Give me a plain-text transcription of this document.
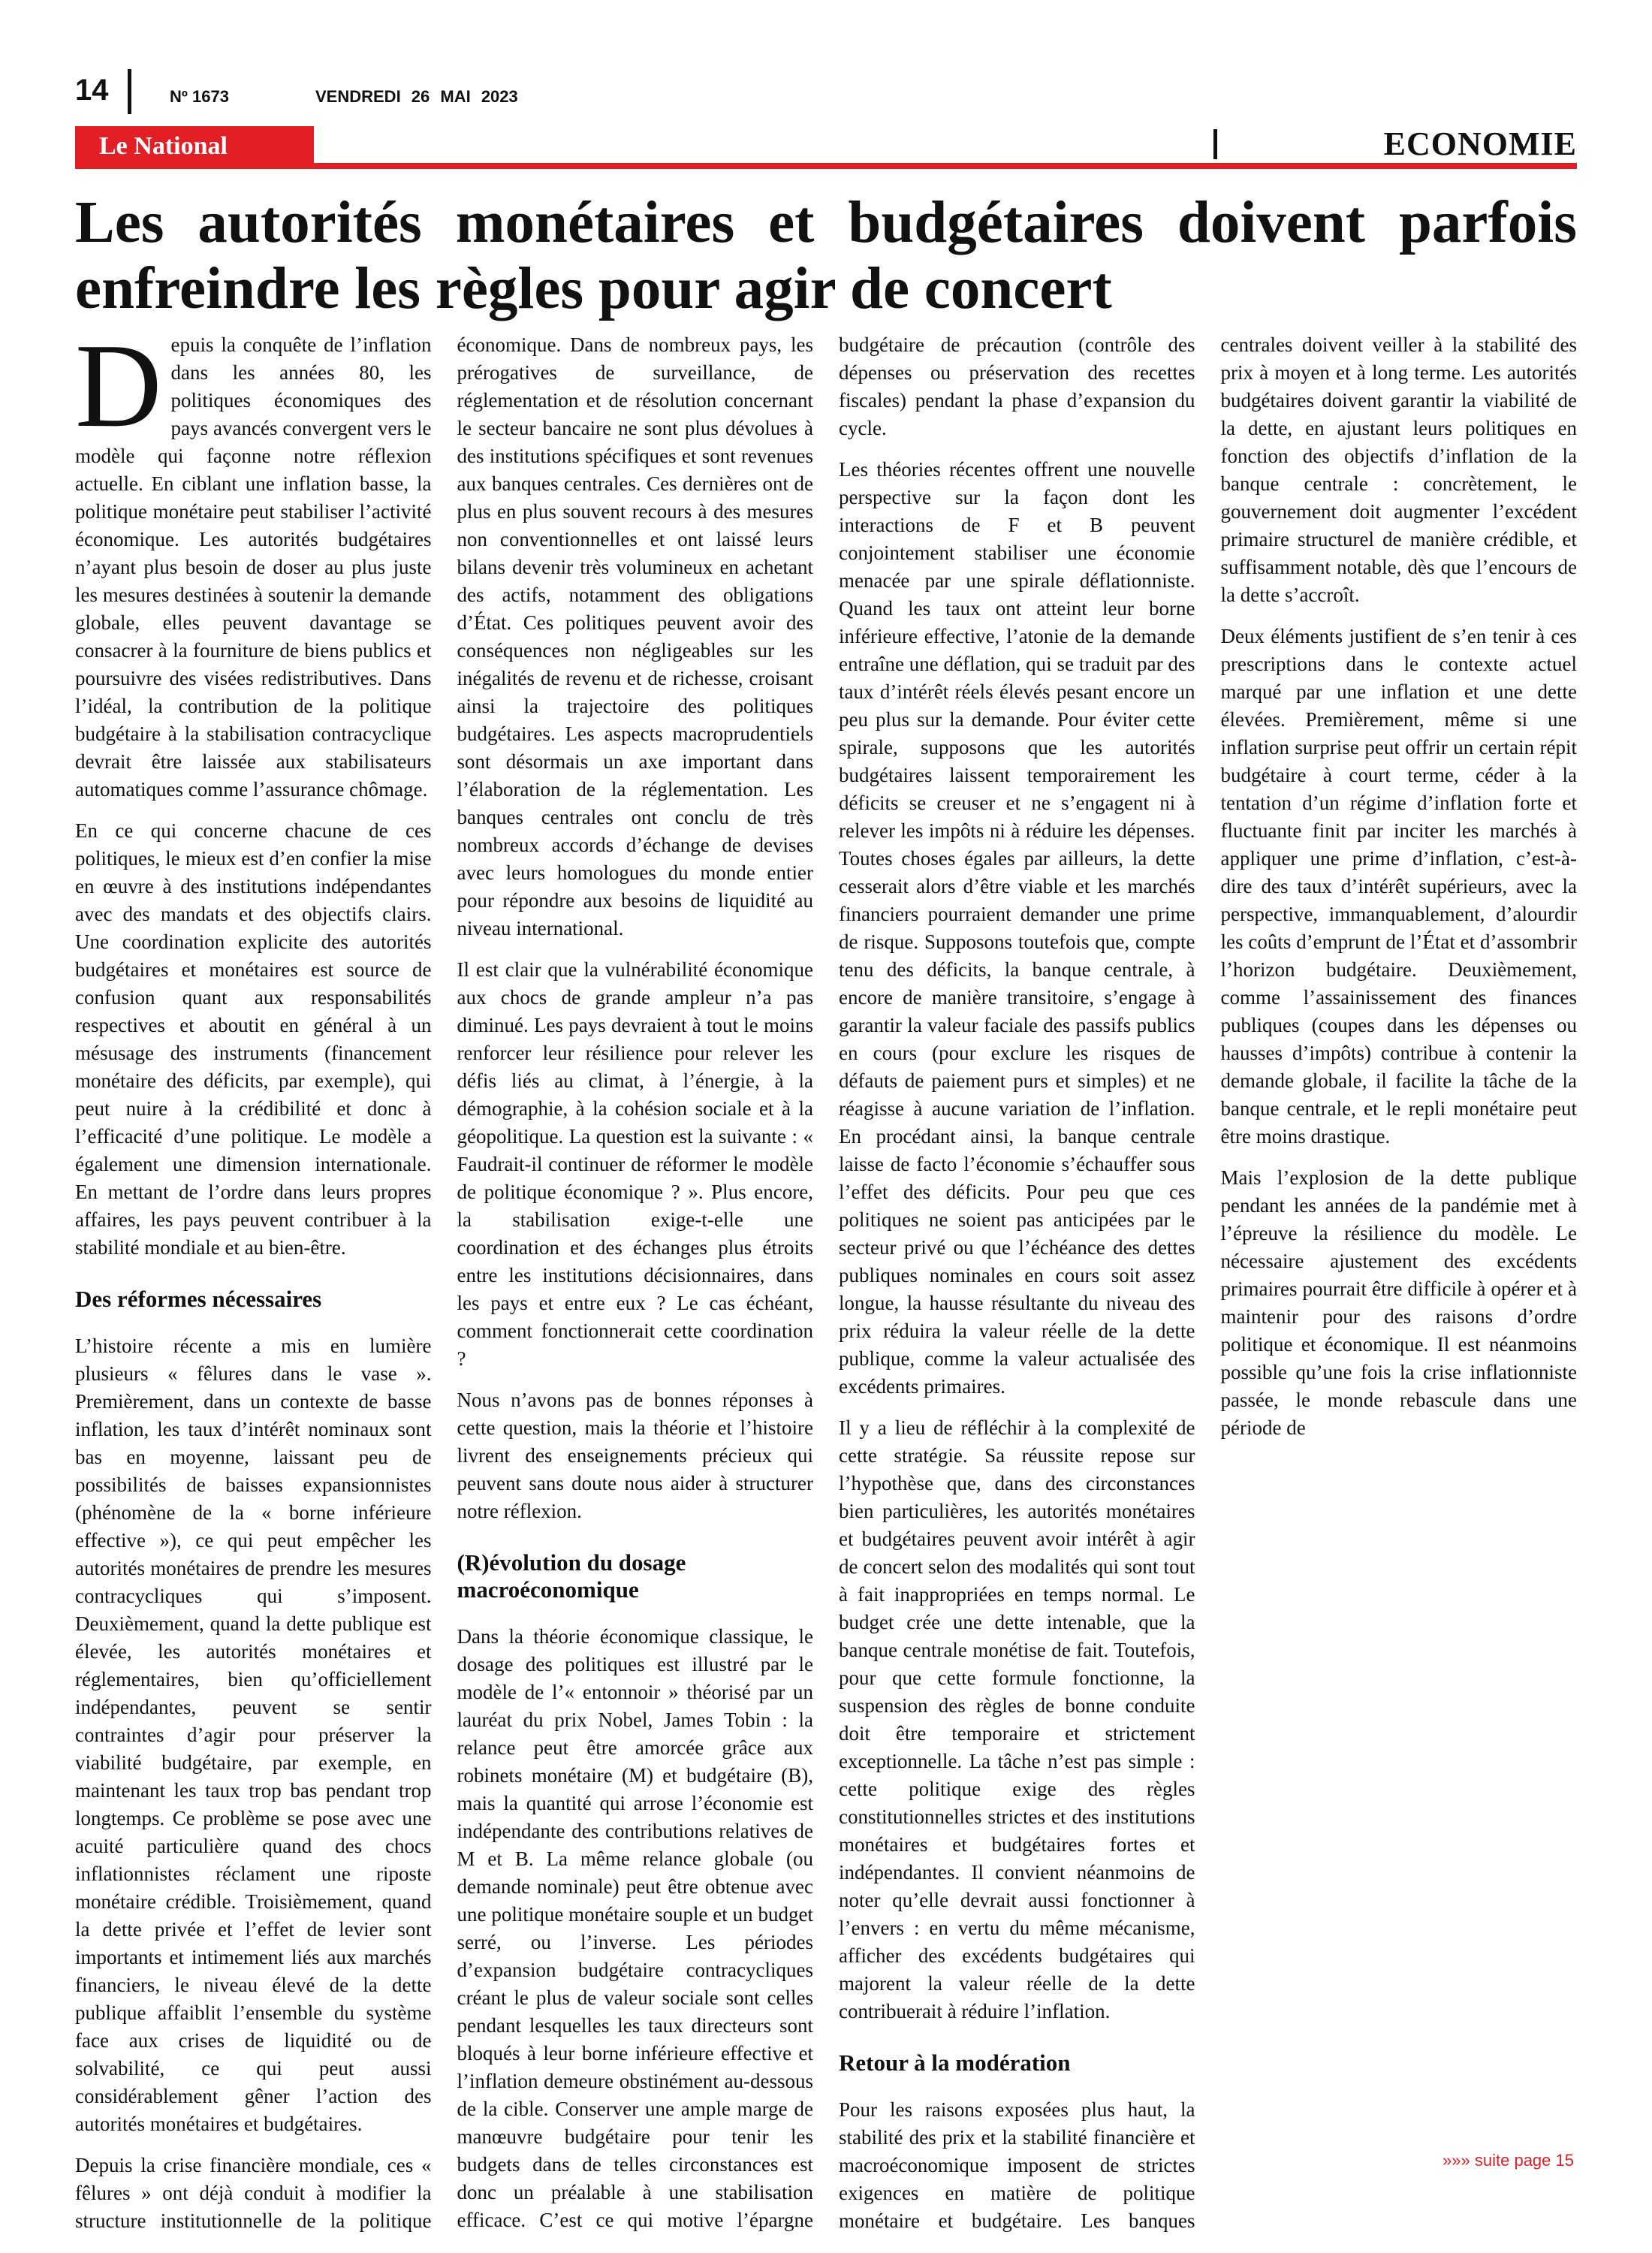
14	Nº 1673	VENDREDI 26 MAI 2023
Le National	ECONOMIE
Les autorités monétaires et budgétaires doivent parfois enfreindre les règles pour agir de concert

Depuis la conquête de l’inflation dans les années 80, les politiques économiques des pays avancés convergent vers le modèle qui façonne notre réflexion actuelle. En ciblant une inflation basse, la politique monétaire peut stabiliser l’activité économique. Les autorités budgétaires n’ayant plus besoin de doser au plus juste les mesures destinées à soutenir la demande globale, elles peuvent davantage se consacrer à la fourniture de biens publics et poursuivre des visées redistributives. Dans l’idéal, la contribution de la politique budgétaire à la stabilisation contracyclique devrait être laissée aux stabilisateurs automatiques comme l’assurance chômage.

En ce qui concerne chacune de ces politiques, le mieux est d’en confier la mise en œuvre à des institutions indépendantes avec des mandats et des objectifs clairs. Une coordination explicite des autorités budgétaires et monétaires est source de confusion quant aux responsabilités respectives et aboutit en général à un mésusage des instruments (financement monétaire des déficits, par exemple), qui peut nuire à la crédibilité et donc à l’efficacité d’une politique. Le modèle a également une dimension internationale. En mettant de l’ordre dans leurs propres affaires, les pays peuvent contribuer à la stabilité mondiale et au bien-être.

Des réformes nécessaires

L’histoire récente a mis en lumière plusieurs « fêlures dans le vase ». Premièrement, dans un contexte de basse inflation, les taux d’intérêt nominaux sont bas en moyenne, laissant peu de possibilités de baisses expansionnistes (phénomène de la « borne inférieure effective »), ce qui peut empêcher les autorités monétaires de prendre les mesures contracycliques qui s’imposent. Deuxièmement, quand la dette publique est élevée, les autorités monétaires et réglementaires, bien qu’officiellement indépendantes, peuvent se sentir contraintes d’agir pour préserver la viabilité budgétaire, par exemple, en maintenant les taux trop bas pendant trop longtemps. Ce problème se pose avec une acuité particulière quand des chocs inflationnistes réclament une riposte monétaire crédible. Troisièmement, quand la dette privée et l’effet de levier sont importants et intimement liés aux marchés financiers, le niveau élevé de la dette publique affaiblit l’ensemble du système face aux crises de liquidité ou de solvabilité, ce qui peut aussi considérablement gêner l’action des autorités monétaires et budgétaires.

Depuis la crise financière mondiale, ces « fêlures » ont déjà conduit à modifier la structure institutionnelle de la politique économique. Dans de nombreux pays, les prérogatives de surveillance, de réglementation et de résolution concernant le secteur bancaire ne sont plus dévolues à des institutions spécifiques et sont revenues aux banques centrales. Ces dernières ont de plus en plus souvent recours à des mesures non conventionnelles et ont laissé leurs bilans devenir très volumineux en achetant des actifs, notamment des obligations d’État. Ces politiques peuvent avoir des conséquences non négligeables sur les inégalités de revenu et de richesse, croisant ainsi la trajectoire des politiques budgétaires. Les aspects macroprudentiels sont désormais un axe important dans l’élaboration de la réglementation. Les banques centrales ont conclu de très nombreux accords d’échange de devises avec leurs homologues du monde entier pour répondre aux besoins de liquidité au niveau international.

Il est clair que la vulnérabilité économique aux chocs de grande ampleur n’a pas diminué. Les pays devraient à tout le moins renforcer leur résilience pour relever les défis liés au climat, à l’énergie, à la démographie, à la cohésion sociale et à la géopolitique. La question est la suivante : « Faudrait-il continuer de réformer le modèle de politique économique ? ». Plus encore, la stabilisation exige-t-elle une coordination et des échanges plus étroits entre les institutions décisionnaires, dans les pays et entre eux ? Le cas échéant, comment fonctionnerait cette coordination ?

Nous n’avons pas de bonnes réponses à cette question, mais la théorie et l’histoire livrent des enseignements précieux qui peuvent sans doute nous aider à structurer notre réflexion.

(R)évolution du dosage macroéconomique

Dans la théorie économique classique, le dosage des politiques est illustré par le modèle de l’« entonnoir » théorisé par un lauréat du prix Nobel, James Tobin : la relance peut être amorcée grâce aux robinets monétaire (M) et budgétaire (B), mais la quantité qui arrose l’économie est indépendante des contributions relatives de M et B. La même relance globale (ou demande nominale) peut être obtenue avec une politique monétaire souple et un budget serré, ou l’inverse. Les périodes d’expansion budgétaire contracycliques créant le plus de valeur sociale sont celles pendant lesquelles les taux directeurs sont bloqués à leur borne inférieure effective et l’inflation demeure obstinément au-dessous de la cible. Conserver une ample marge de manœuvre budgétaire pour tenir les budgets dans de telles circonstances est donc un préalable à une stabilisation efficace. C’est ce qui motive l’épargne budgétaire de précaution (contrôle des dépenses ou préservation des recettes fiscales) pendant la phase d’expansion du cycle.

Les théories récentes offrent une nouvelle perspective sur la façon dont les interactions de F et B peuvent conjointement stabiliser une économie menacée par une spirale déflationniste. Quand les taux ont atteint leur borne inférieure effective, l’atonie de la demande entraîne une déflation, qui se traduit par des taux d’intérêt réels élevés pesant encore un peu plus sur la demande. Pour éviter cette spirale, supposons que les autorités budgétaires laissent temporairement les déficits se creuser et ne s’engagent ni à relever les impôts ni à réduire les dépenses. Toutes choses égales par ailleurs, la dette cesserait alors d’être viable et les marchés financiers pourraient demander une prime de risque. Supposons toutefois que, compte tenu des déficits, la banque centrale, à encore de manière transitoire, s’engage à garantir la valeur faciale des passifs publics en cours (pour exclure les risques de défauts de paiement purs et simples) et ne réagisse à aucune variation de l’inflation. En procédant ainsi, la banque centrale laisse de facto l’économie s’échauffer sous l’effet des déficits. Pour peu que ces politiques ne soient pas anticipées par le secteur privé ou que l’échéance des dettes publiques nominales en cours soit assez longue, la hausse résultante du niveau des prix réduira la valeur réelle de la dette publique, comme la valeur actualisée des excédents primaires.

Il y a lieu de réfléchir à la complexité de cette stratégie. Sa réussite repose sur l’hypothèse que, dans des circonstances bien particulières, les autorités monétaires et budgétaires peuvent avoir intérêt à agir de concert selon des modalités qui sont tout à fait inappropriées en temps normal. Le budget crée une dette intenable, que la banque centrale monétise de fait. Toutefois, pour que cette formule fonctionne, la suspension des règles de bonne conduite doit être temporaire et strictement exceptionnelle. La tâche n’est pas simple : cette politique exige des règles constitutionnelles strictes et des institutions monétaires et budgétaires fortes et indépendantes. Il convient néanmoins de noter qu’elle devrait aussi fonctionner à l’envers : en vertu du même mécanisme, afficher des excédents budgétaires qui majorent la valeur réelle de la dette contribuerait à réduire l’inflation.

Retour à la modération

Pour les raisons exposées plus haut, la stabilité des prix et la stabilité financière et macroéconomique imposent de strictes exigences en matière de politique monétaire et budgétaire. Les banques centrales doivent veiller à la stabilité des prix à moyen et à long terme. Les autorités budgétaires doivent garantir la viabilité de la dette, en ajustant leurs politiques en fonction des objectifs d’inflation de la banque centrale : concrètement, le gouvernement doit augmenter l’excédent primaire structurel de manière crédible, et suffisamment notable, dès que l’encours de la dette s’accroît.

Deux éléments justifient de s’en tenir à ces prescriptions dans le contexte actuel marqué par une inflation et une dette élevées. Premièrement, même si une inflation surprise peut offrir un certain répit budgétaire à court terme, céder à la tentation d’un régime d’inflation forte et fluctuante finit par inciter les marchés à appliquer une prime d’inflation, c’est-à-dire des taux d’intérêt supérieurs, avec la perspective, immanquablement, d’alourdir les coûts d’emprunt de l’État et d’assombrir l’horizon budgétaire. Deuxièmement, comme l’assainissement des finances publiques (coupes dans les dépenses ou hausses d’impôts) contribue à contenir la demande globale, il facilite la tâche de la banque centrale, et le repli monétaire peut être moins drastique.

Mais l’explosion de la dette publique pendant les années de la pandémie met à l’épreuve la résilience du modèle. Le nécessaire ajustement des excédents primaires pourrait être difficile à opérer et à maintenir pour des raisons d’ordre politique et économique. Il est néanmoins possible qu’une fois la crise inflationniste passée, le monde rebascule dans une période de

»»» suite page 15
